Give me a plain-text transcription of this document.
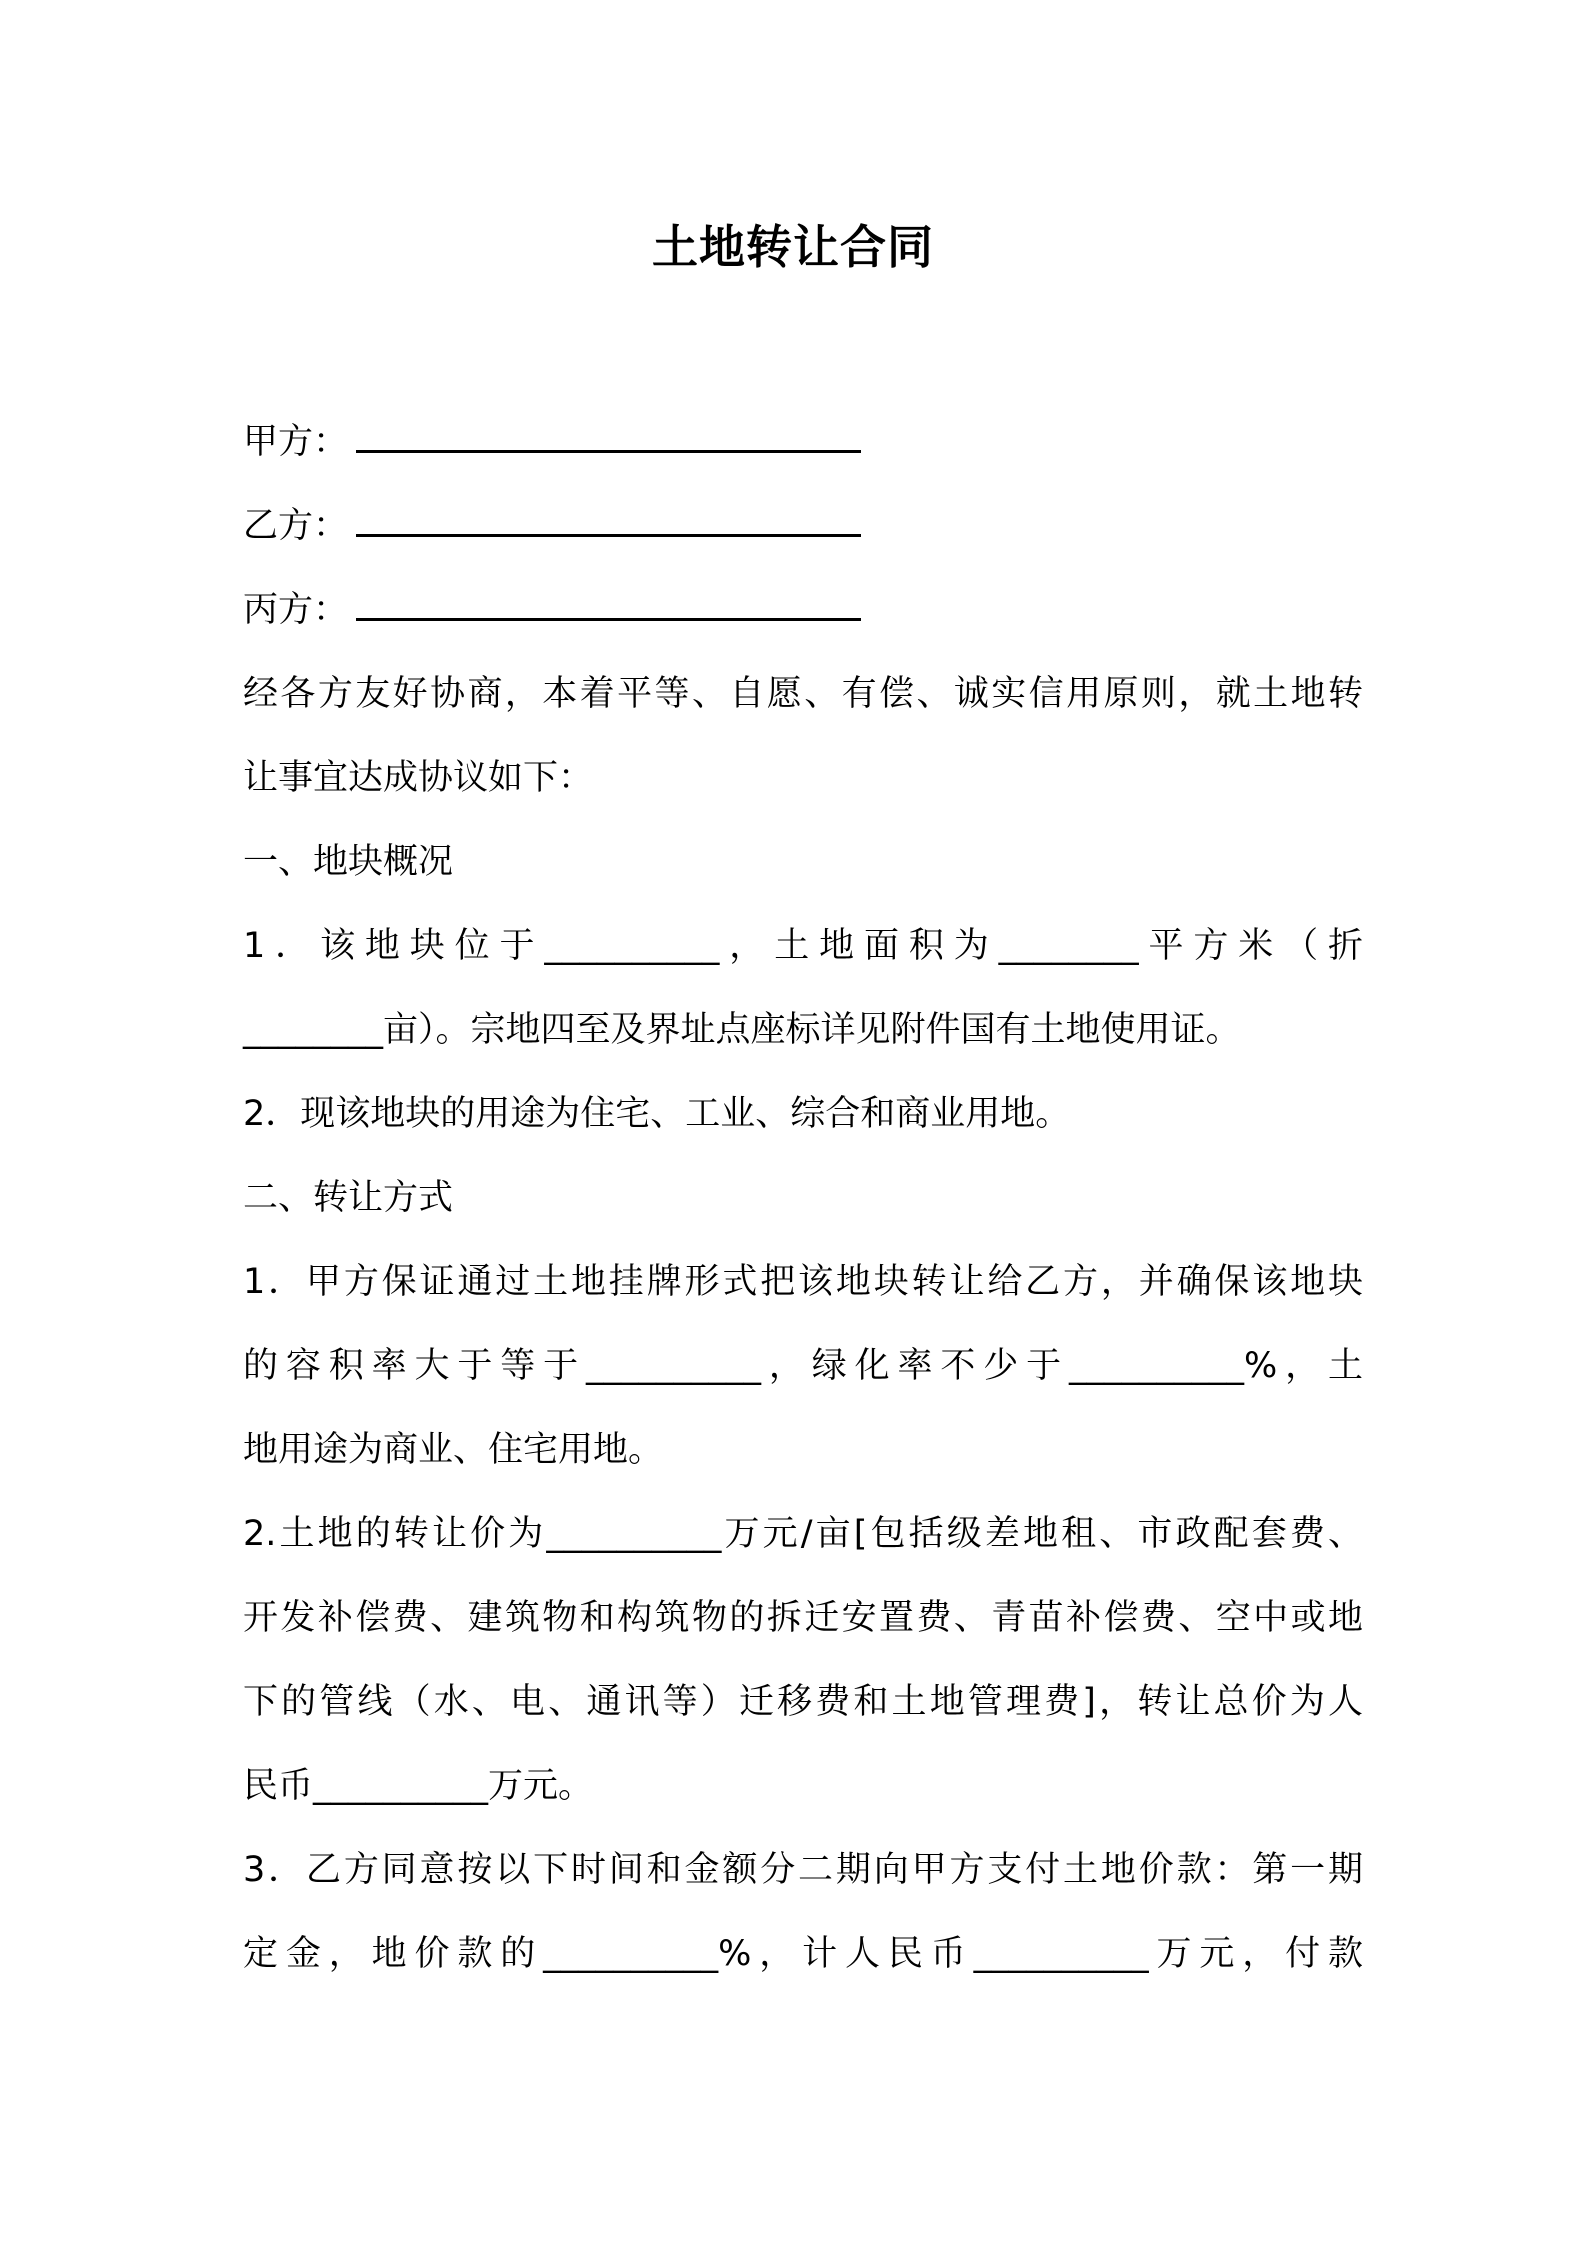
土地转让合同
甲方：
乙方：
丙方：
经各方友好协商，本着平等、自愿、有偿、诚实信用原则，就土地转
让事宜达成协议如下：
一、地块概况
1．该地块位于__________，土地面积为________平方米（折
________亩）。宗地四至及界址点座标详见附件国有土地使用证。
2．现该地块的用途为住宅、工业、综合和商业用地。
二、转让方式
1．甲方保证通过土地挂牌形式把该地块转让给乙方，并确保该地块
的容积率大于等于__________，绿化率不少于__________%，土
地用途为商业、住宅用地。
2.土地的转让价为__________万元/亩[包括级差地租、市政配套费、
开发补偿费、建筑物和构筑物的拆迁安置费、青苗补偿费、空中或地
下的管线（水、电、通讯等）迁移费和土地管理费]，转让总价为人
民币__________万元。
3．乙方同意按以下时间和金额分二期向甲方支付土地价款：第一期
定金，地价款的__________%，计人民币__________万元，付款
